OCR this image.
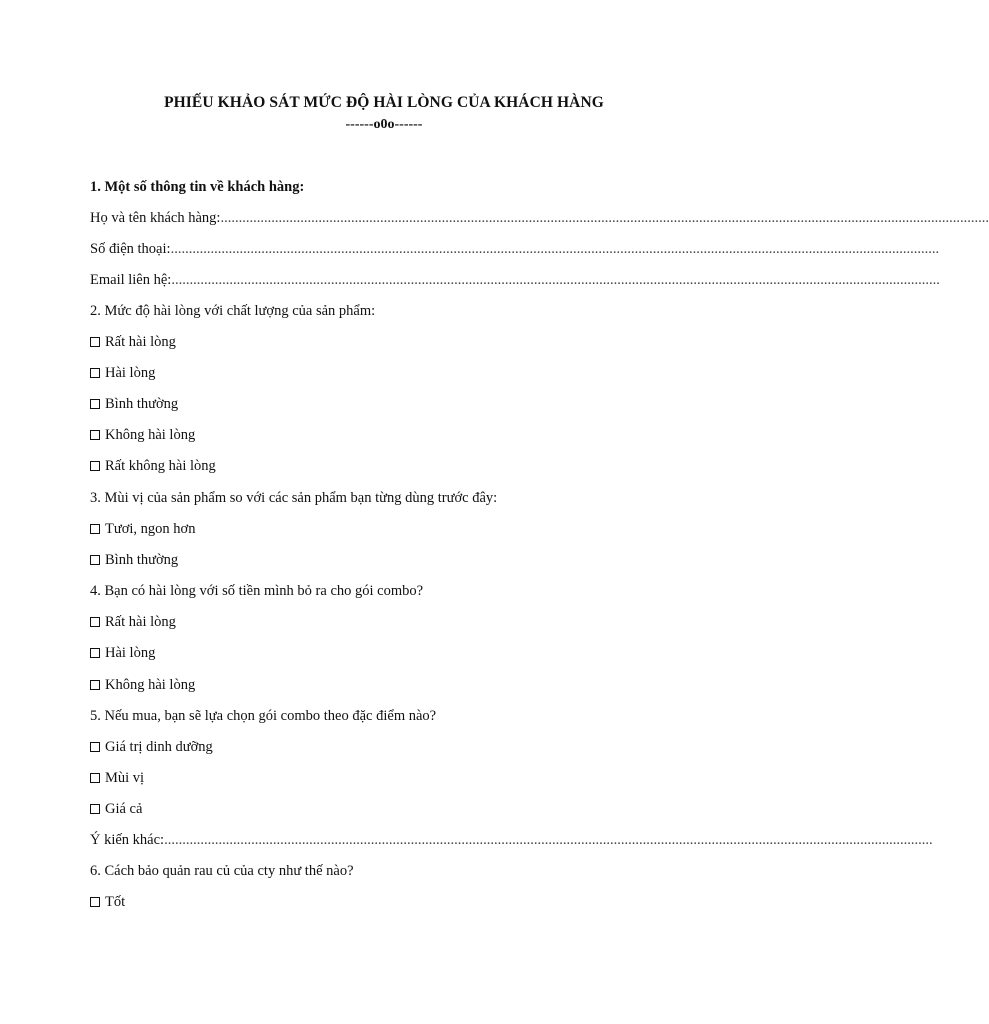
PHIẾU KHẢO SÁT MỨC ĐỘ HÀI LÒNG CỦA KHÁCH HÀNG
------o0o------
1. Một số thông tin về khách hàng:
Họ và tên khách hàng: ....................................................................................................................................................................................................................
Số điện thoại: ....................................................................................................................................................................................................................
Email liên hệ: ....................................................................................................................................................................................................................
2. Mức độ hài lòng với chất lượng của sản phẩm:
Rất hài lòng
Hài lòng
Bình thường
Không hài lòng
Rất không hài lòng
3. Mùi vị của sản phẩm so với các sản phẩm bạn từng dùng trước đây:
Tươi, ngon hơn
Bình thường
4. Bạn có hài lòng với số tiền mình bỏ ra cho gói combo?
Rất hài lòng
Hài lòng
Không hài lòng
5. Nếu mua, bạn sẽ lựa chọn gói combo theo đặc điểm nào?
Giá trị dinh dưỡng
Mùi vị
Giá cả
Ý kiến khác: ....................................................................................................................................................................................................................
6. Cách bảo quản rau củ của cty như thế nào?
Tốt
